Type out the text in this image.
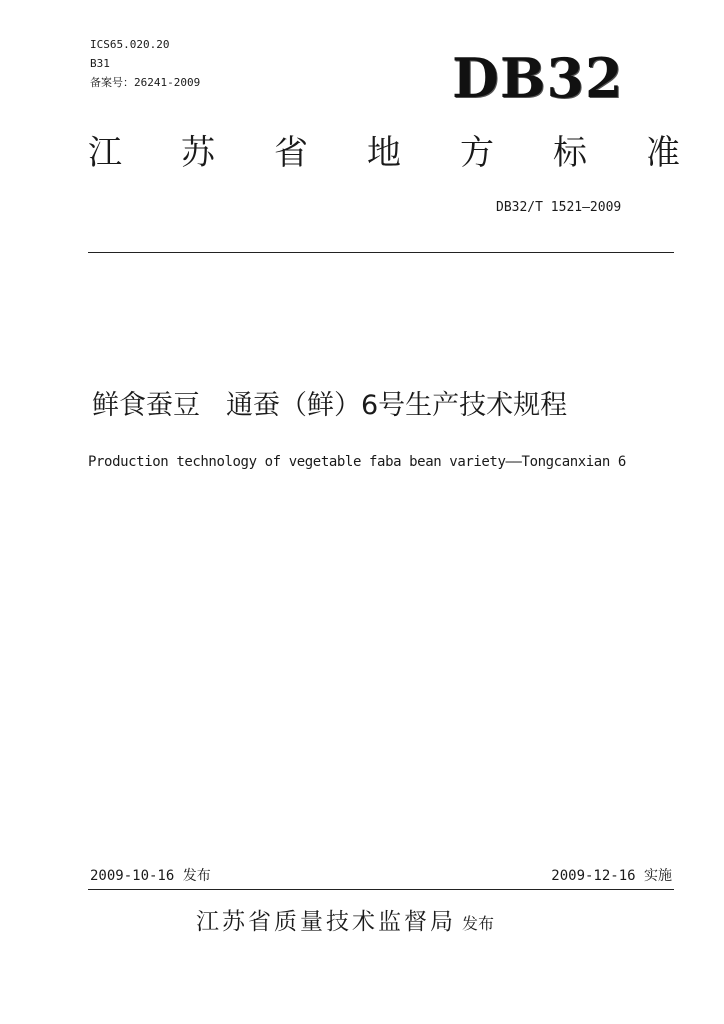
ICS65.020.20
B31
备案号：26241-2009	DB32
江 苏 省 地 方 标 准
DB32/T 1521—2009
鲜食蚕豆 通蚕（鲜）6号生产技术规程
Production technology of vegetable faba bean variety——Tongcanxian 6
2009-10-16 发布	2009-12-16 实施
江苏省质量技术监督局 发布
